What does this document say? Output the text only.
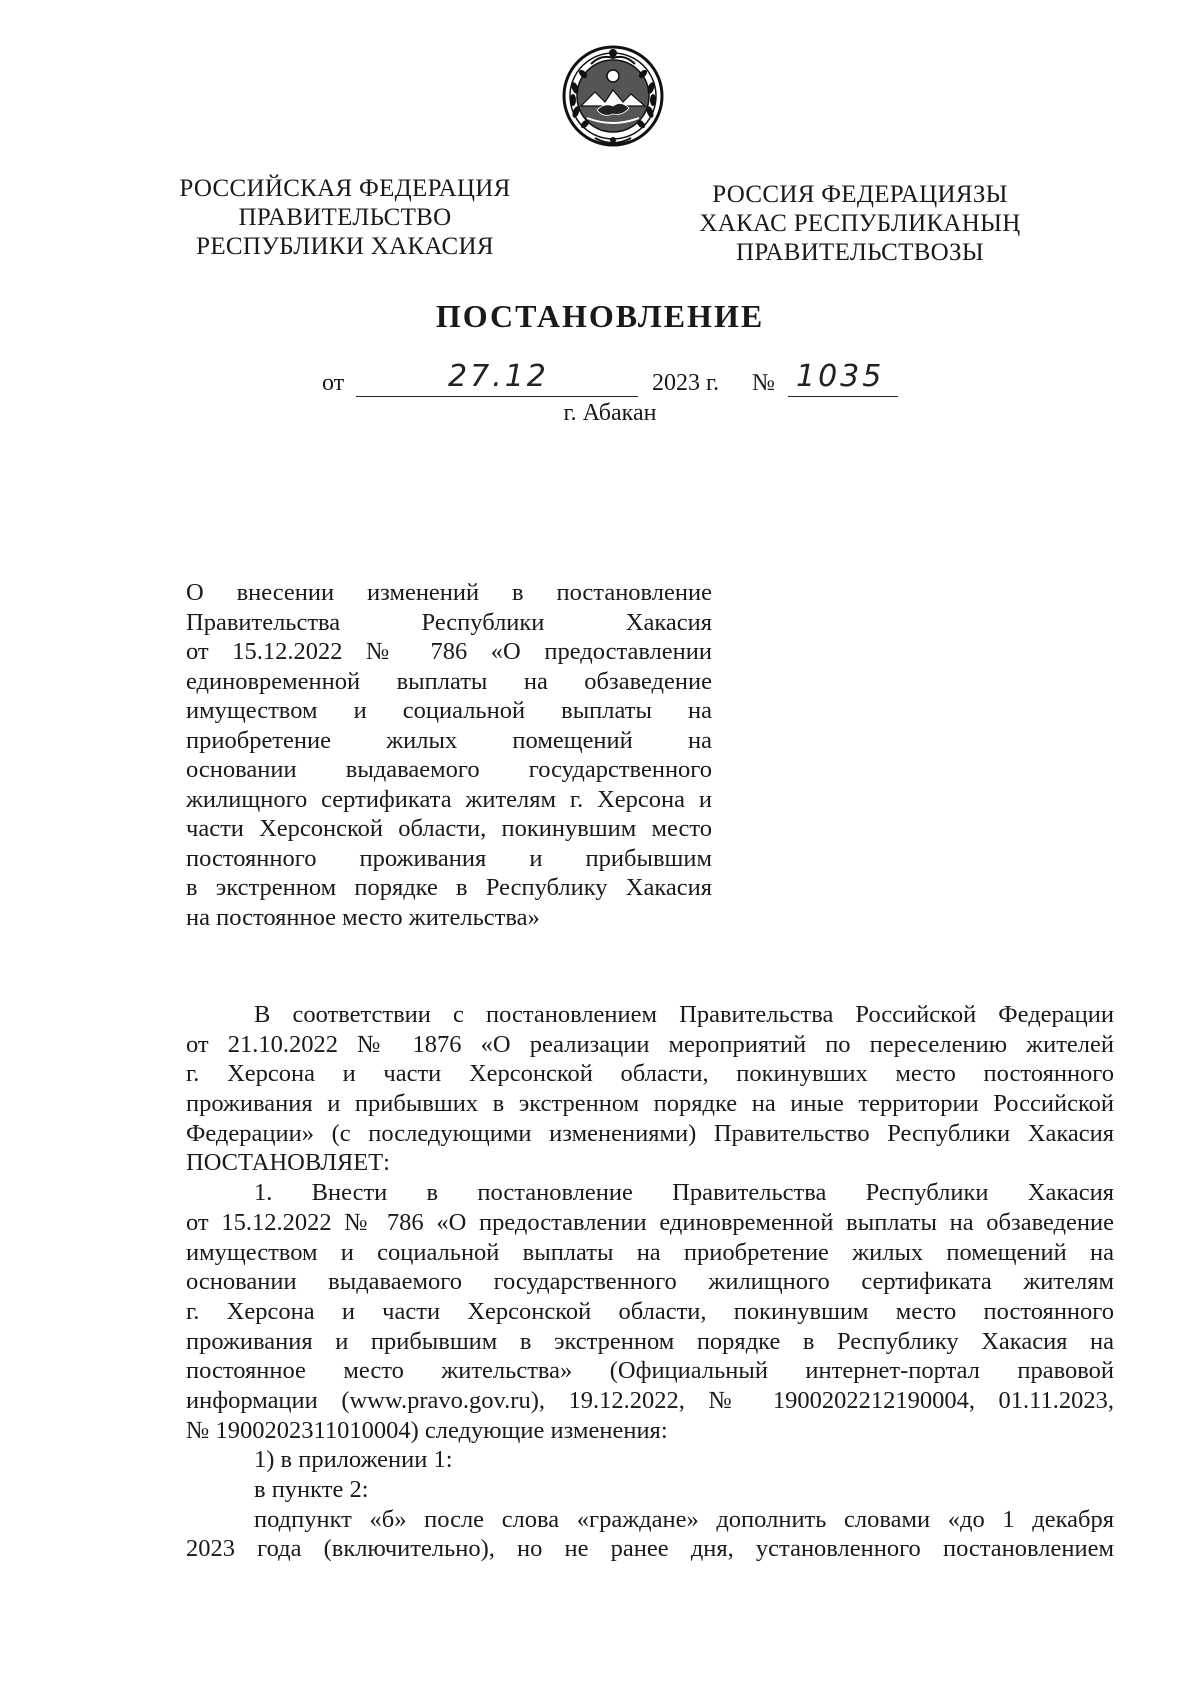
РОССИЙСКАЯ ФЕДЕРАЦИЯ
ПРАВИТЕЛЬСТВО
РЕСПУБЛИКИ ХАКАСИЯ
РОССИЯ ФЕДЕРАЦИЯЗЫ
ХАКАС РЕСПУБЛИКАНЫҢ
ПРАВИТЕЛЬСТВОЗЫ
ПОСТАНОВЛЕНИЕ
от	27.12	2023 г. № 1035
г. Абакан
О внесении изменений в постановление
Правительства Республики Хакасия
от 15.12.2022 № 786 «О предоставлении
единовременной выплаты на обзаведение
имуществом и социальной выплаты на
приобретение жилых помещений на
основании выдаваемого государственного
жилищного сертификата жителям г. Херсона и
части Херсонской области, покинувшим место
постоянного проживания и прибывшим
в экстренном порядке в Республику Хакасия
на постоянное место жительства»
В соответствии с постановлением Правительства Российской Федерации
от 21.10.2022 № 1876 «О реализации мероприятий по переселению жителей
г. Херсона и части Херсонской области, покинувших место постоянного
проживания и прибывших в экстренном порядке на иные территории Российской
Федерации» (с последующими изменениями) Правительство Республики Хакасия
ПОСТАНОВЛЯЕТ:
1. Внести в постановление Правительства Республики Хакасия
от 15.12.2022 № 786 «О предоставлении единовременной выплаты на обзаведение
имуществом и социальной выплаты на приобретение жилых помещений на
основании выдаваемого государственного жилищного сертификата жителям
г. Херсона и части Херсонской области, покинувшим место постоянного
проживания и прибывшим в экстренном порядке в Республику Хакасия на
постоянное место жительства» (Официальный интернет-портал правовой
информации (www.pravo.gov.ru), 19.12.2022, № 1900202212190004, 01.11.2023,
№ 1900202311010004) следующие изменения:
1) в приложении 1:
в пункте 2:
подпункт «б» после слова «граждане» дополнить словами «до 1 декабря
2023 года (включительно), но не ранее дня, установленного постановлением
